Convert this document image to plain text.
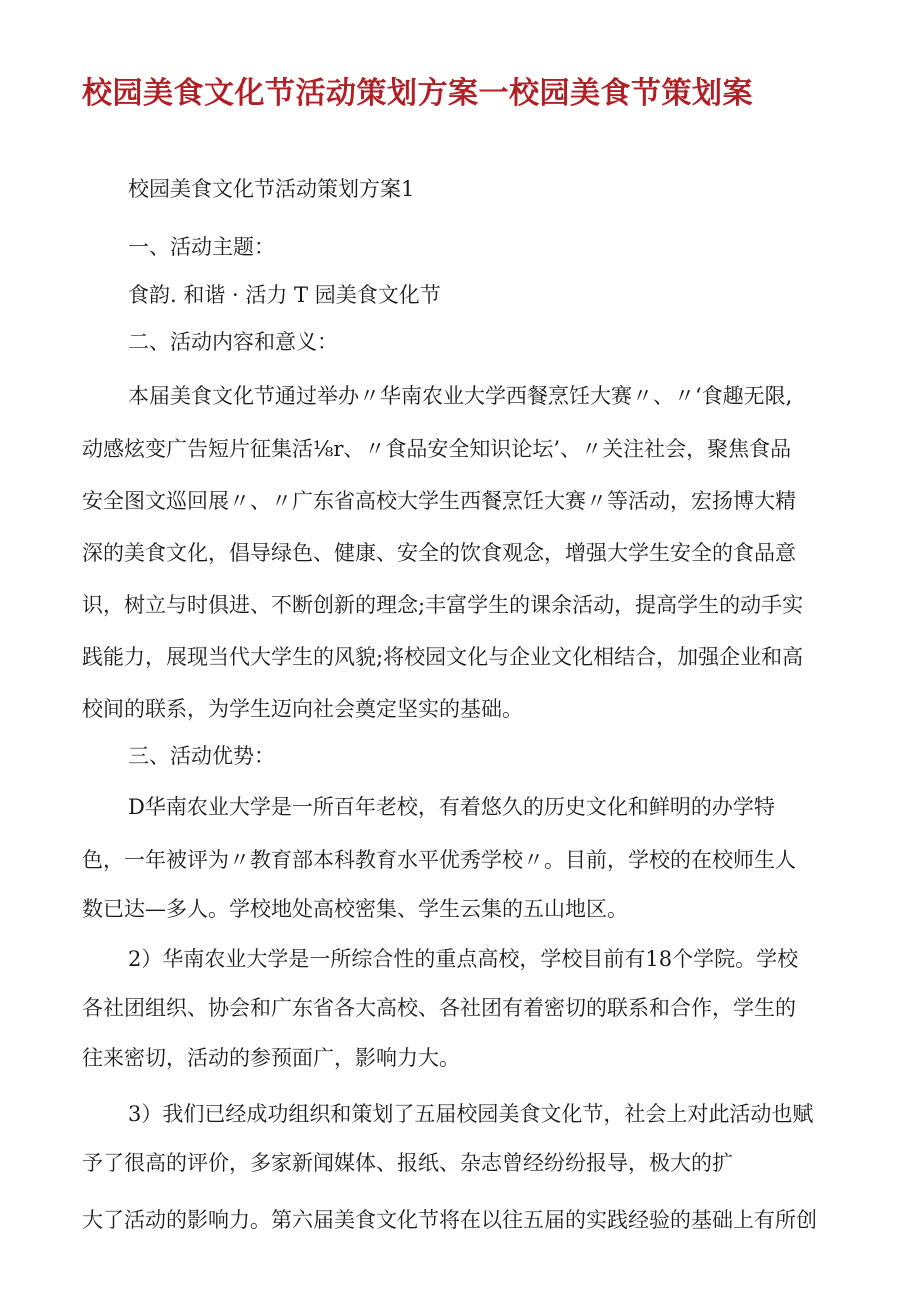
校园美食文化节活动策划方案一校园美食节策划案

校园美食文化节活动策划方案1

一、活动主题：

食韵. 和谐 · 活力 T 园美食文化节

二、活动内容和意义：

本届美食文化节通过举办〃华南农业大学西餐烹饪大赛〃、〃‘食趣无限,

动感炫变广告短片征集活⅛r、〃食品安全知识论坛’、〃关注社会，聚焦食品

安全图文巡回展〃、〃广东省高校大学生西餐烹饪大赛〃等活动，宏扬博大精

深的美食文化，倡导绿色、健康、安全的饮食观念，增强大学生安全的食品意

识，树立与时俱进、不断创新的理念;丰富学生的课余活动，提高学生的动手实

践能力，展现当代大学生的风貌;将校园文化与企业文化相结合，加强企业和高

校间的联系，为学生迈向社会奠定坚实的基础。

三、活动优势：

D华南农业大学是一所百年老校，有着悠久的历史文化和鲜明的办学特

色，一年被评为〃教育部本科教育水平优秀学校〃。目前，学校的在校师生人

数已达—多人。学校地处高校密集、学生云集的五山地区。

2）华南农业大学是一所综合性的重点高校，学校目前有18个学院。学校

各社团组织、协会和广东省各大高校、各社团有着密切的联系和合作，学生的

往来密切，活动的参预面广，影响力大。

3）我们已经成功组织和策划了五届校园美食文化节，社会上对此活动也赋

予了很高的评价，多家新闻媒体、报纸、杂志曾经纷纷报导，极大的扩

大了活动的影响力。第六届美食文化节将在以往五届的实践经验的基础上有所创
